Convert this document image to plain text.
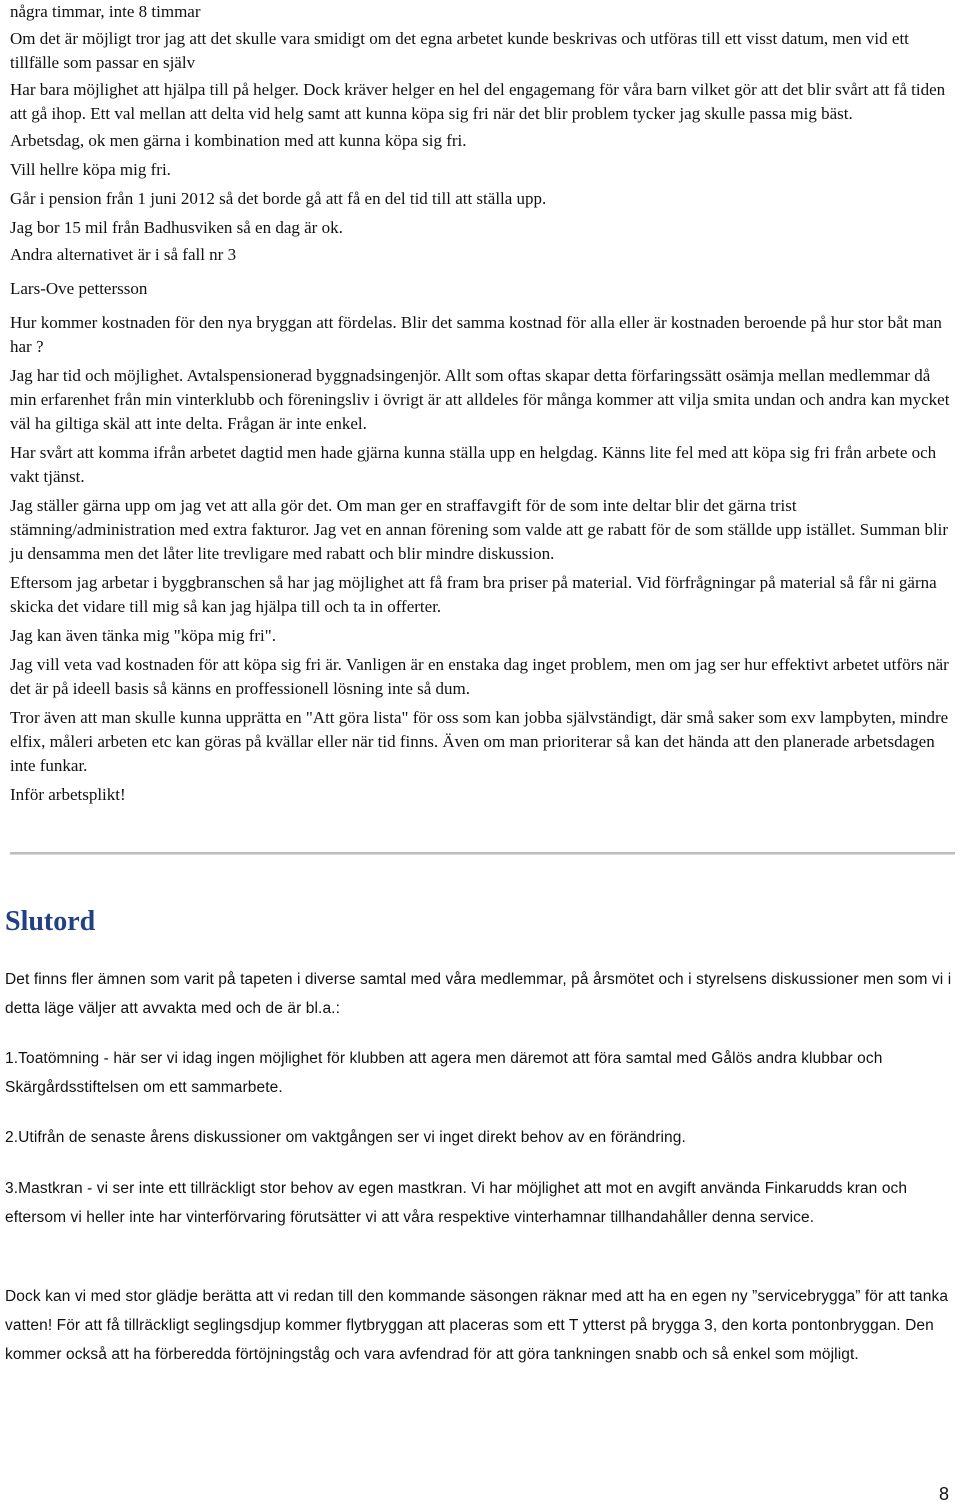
några timmar, inte 8 timmar

Om det är möjligt tror jag att det skulle vara smidigt om det egna arbetet kunde beskrivas och utföras till ett visst datum, men vid ett tillfälle som passar en själv

Har bara möjlighet att hjälpa till på helger. Dock kräver helger en hel del engagemang för våra barn vilket gör att det blir svårt att få tiden att gå ihop. Ett val mellan att delta vid helg samt att kunna köpa sig fri när det blir problem tycker jag skulle passa mig bäst.

Arbetsdag, ok men gärna i kombination med att kunna köpa sig fri.

Vill hellre köpa mig fri.

Går i pension från 1 juni 2012 så det borde gå att få en del tid till att ställa upp.

Jag bor 15 mil från Badhusviken så en dag är ok.

Andra alternativet är i så fall nr 3

Lars-Ove pettersson

Hur kommer kostnaden för den nya bryggan att fördelas. Blir det samma kostnad för alla eller är kostnaden beroende på hur stor båt man har ?

Jag har tid och möjlighet. Avtalspensionerad byggnadsingenjör. Allt som oftas skapar detta förfaringssätt osämja mellan medlemmar då min erfarenhet från min vinterklubb och föreningsliv i övrigt är att alldeles för många kommer att vilja smita undan och andra kan mycket väl ha giltiga skäl att inte delta. Frågan är inte enkel.

Har svårt att komma ifrån arbetet dagtid men hade gjärna kunna ställa upp en helgdag. Känns lite fel med att köpa sig fri från arbete och vakt tjänst.

Jag ställer gärna upp om jag vet att alla gör det. Om man ger en straffavgift för de som inte deltar blir det gärna trist stämning/administration med extra fakturor. Jag vet en annan förening som valde att ge rabatt för de som ställde upp istället. Summan blir ju densamma men det låter lite trevligare med rabatt och blir mindre diskussion.

Eftersom jag arbetar i byggbranschen så har jag möjlighet att få fram bra priser på material. Vid förfrågningar på material så får ni gärna skicka det vidare till mig så kan jag hjälpa till och ta in offerter.

Jag kan även tänka mig "köpa mig fri".

Jag vill veta vad kostnaden för att köpa sig fri är. Vanligen är en enstaka dag inget problem, men om jag ser hur effektivt arbetet utförs när det är på ideell basis så känns en proffessionell lösning inte så dum.

Tror även att man skulle kunna upprätta en "Att göra lista" för oss som kan jobba självständigt, där små saker som exv lampbyten, mindre elfix, måleri arbeten etc kan göras på kvällar eller när tid finns. Även om man prioriterar så kan det hända att den planerade arbetsdagen inte funkar.

Inför arbetsplikt!

Slutord

Det finns fler ämnen som varit på tapeten i diverse samtal med våra medlemmar, på årsmötet och i styrelsens diskussioner men som vi i detta läge väljer att avvakta med och de är bl.a.:

1.Toatömning - här ser vi idag ingen möjlighet för klubben att agera men däremot att föra samtal med Gålös andra klubbar och Skärgårdsstiftelsen om ett sammarbete.

2.Utifrån de senaste årens diskussioner om vaktgången ser vi inget direkt behov av en förändring.

3.Mastkran - vi ser inte ett tillräckligt stor behov av egen mastkran. Vi har möjlighet att mot en avgift använda Finkarudds kran och eftersom vi heller inte har vinterförvaring förutsätter vi att våra respektive vinterhamnar tillhandahåller denna service.

Dock kan vi med stor glädje berätta att vi redan till den kommande säsongen räknar med att ha en egen ny ”servicebrygga” för att tanka vatten! För att få tillräckligt seglingsdjup kommer flytbryggan att placeras som ett T ytterst på brygga 3, den korta pontonbryggan. Den kommer också att ha förberedda förtöjningståg och vara avfendrad för att göra tankningen snabb och så enkel som möjligt.

8
